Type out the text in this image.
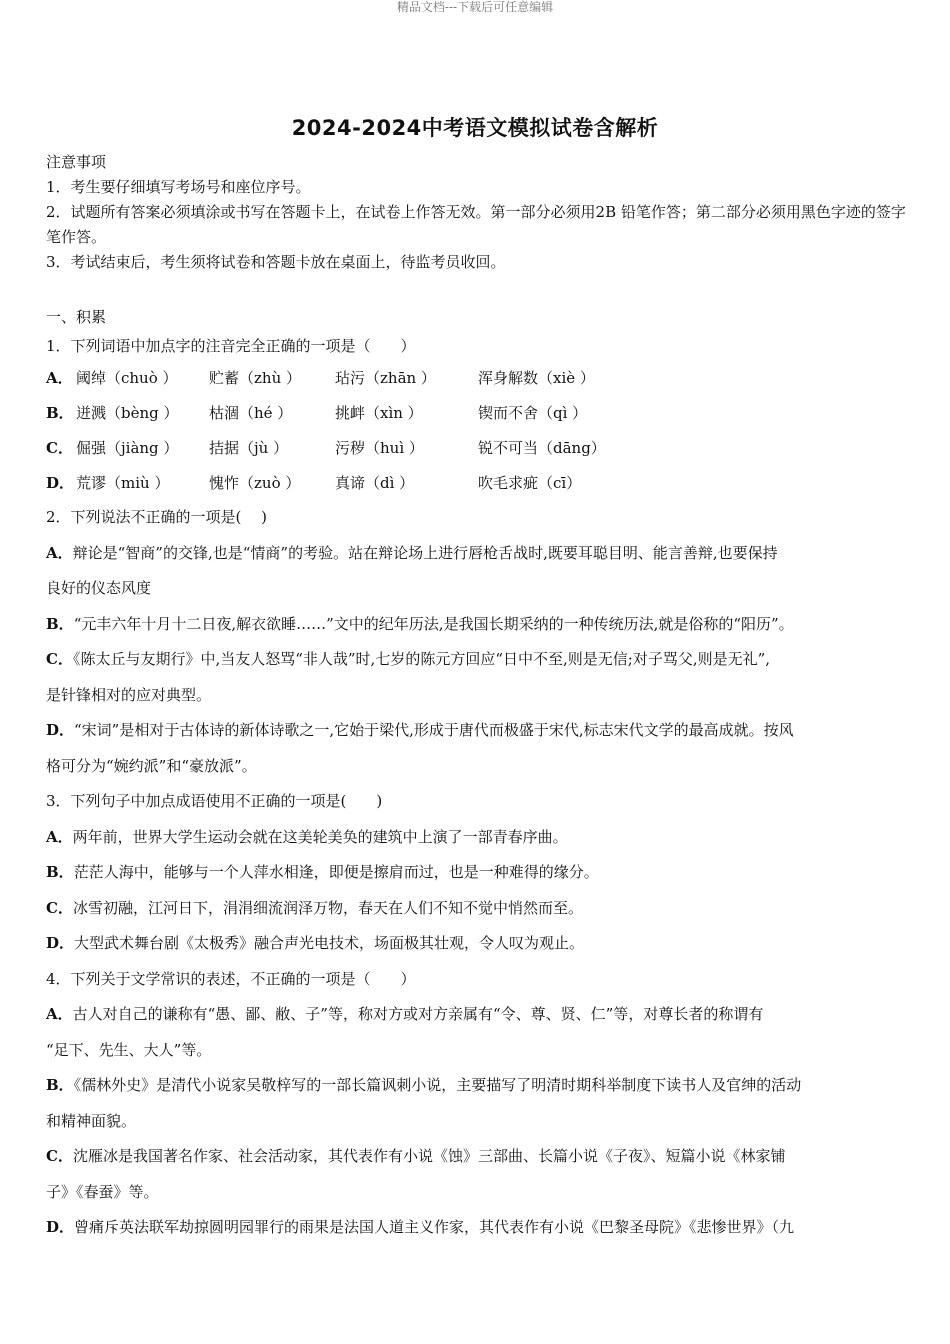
精品文档---下载后可任意编辑
2024-2024中考语文模拟试卷含解析
注意事项

1．考生要仔细填写考场号和座位序号。

2．试题所有答案必须填涂或书写在答题卡上，在试卷上作答无效。第一部分必须用2B 铅笔作答；第二部分必须用黑色字迹的签字笔作答。

3．考试结束后，考生须将试卷和答题卡放在桌面上，待监考员收回。

一、积累
1．下列词语中加点字的注音完全正确的一项是（　　）
A． 阈绰（chuò ）	贮蓄（zhù ）	玷污（zhān ）	浑身解数（xiè ）
B． 迸溅（bèng ）	枯涸（hé ）	挑衅（xìn ）	锲而不舍（qì ）
C． 倔强（jiàng ）	拮据（jù ）	污秽（huì ）	锐不可当（dāng）
D． 荒谬（miù ）	愧怍（zuò ）	真谛（dì ）	吹毛求疵（cī）

2．下列说法不正确的一项是(　 )

A．辩论是“智商”的交锋,也是“情商”的考验。站在辩论场上进行唇枪舌战时,既要耳聪目明、能言善辩,也要保持

良好的仪态风度

B．“元丰六年十月十二日夜,解衣欲睡……”文中的纪年历法,是我国长期采纳的一种传统历法,就是俗称的“阳历”。

C．《陈太丘与友期行》中,当友人怒骂“非人哉”时,七岁的陈元方回应“日中不至,则是无信;对子骂父,则是无礼”,

是针锋相对的应对典型。

D．“宋词”是相对于古体诗的新体诗歌之一,它始于梁代,形成于唐代而极盛于宋代,标志宋代文学的最高成就。按风

格可分为“婉约派”和“豪放派”。

3．下列句子中加点成语使用不正确的一项是(　　)

A．两年前，世界大学生运动会就在这美轮美奂的建筑中上演了一部青春序曲。

B．茫茫人海中，能够与一个人萍水相逢，即便是擦肩而过，也是一种难得的缘分。

C．冰雪初融，江河日下，涓涓细流润泽万物，春天在人们不知不觉中悄然而至。

D．大型武术舞台剧《太极秀》融合声光电技术，场面极其壮观，令人叹为观止。

4．下列关于文学常识的表述，不正确的一项是（　　）

A．古人对自己的谦称有“愚、鄙、敝、子”等，称对方或对方亲属有“令、尊、贤、仁”等，对尊长者的称谓有

“足下、先生、大人”等。

B．《儒林外史》是清代小说家吴敬梓写的一部长篇讽刺小说，主要描写了明清时期科举制度下读书人及官绅的活动

和精神面貌。

C．沈雁冰是我国著名作家、社会活动家，其代表作有小说《蚀》三部曲、长篇小说《子夜》、短篇小说《林家铺

子》《春蚕》等。

D．曾痛斥英法联军劫掠圆明园罪行的雨果是法国人道主义作家，其代表作有小说《巴黎圣母院》《悲惨世界》（九
